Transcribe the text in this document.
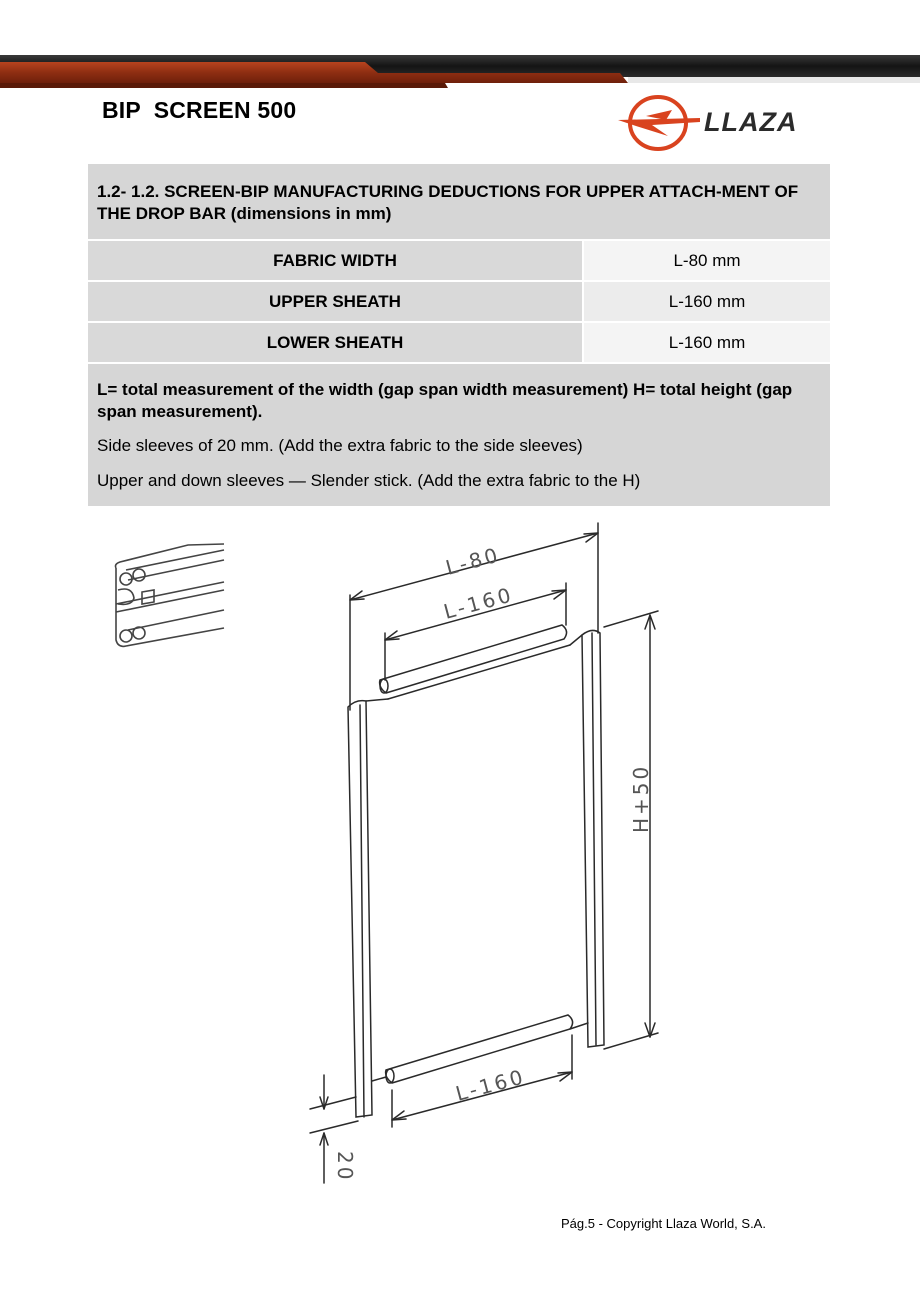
BIP  SCREEN 500	LLAZA
1.2- 1.2. SCREEN-BIP MANUFACTURING DEDUCTIONS FOR UPPER ATTACH-MENT OF THE DROP BAR (dimensions in mm)	
FABRIC WIDTH	L-80 mm
UPPER SHEATH	L-160 mm
LOWER SHEATH	L-160 mm

L= total measurement of the width (gap span width measurement) H= total height (gap span measurement).

Side sleeves of 20 mm. (Add the extra fabric to the side sleeves)

Upper and down sleeves — Slender stick. (Add the extra fabric to the H)	

L-80
L-160
L-160
H+50
20
Pág.5 - Copyright Llaza World, S.A.
